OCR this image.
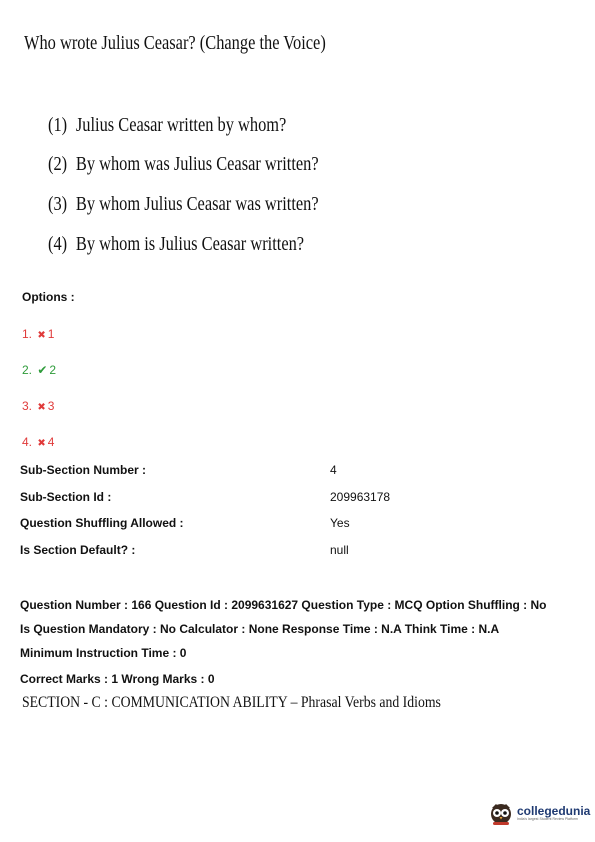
Who wrote Julius Ceasar? (Change the Voice)
(1) Julius Ceasar written by whom?
(2) By whom was Julius Ceasar written?
(3) By whom Julius Ceasar was written?
(4) By whom is Julius Ceasar written?
Options :
1. ✖ 1
2. ✔ 2
3. ✖ 3
4. ✖ 4
Sub-Section Number :	4
Sub-Section Id :	209963178
Question Shuffling Allowed :	Yes
Is Section Default? :	null
Question Number : 166 Question Id : 2099631627 Question Type : MCQ Option Shuffling : No
Is Question Mandatory : No Calculator : None Response Time : N.A Think Time : N.A
Minimum Instruction Time : 0
Correct Marks : 1 Wrong Marks : 0
SECTION - C : COMMUNICATION ABILITY – Phrasal Verbs and Idioms
collegedunia
India's largest Student Review Platform
